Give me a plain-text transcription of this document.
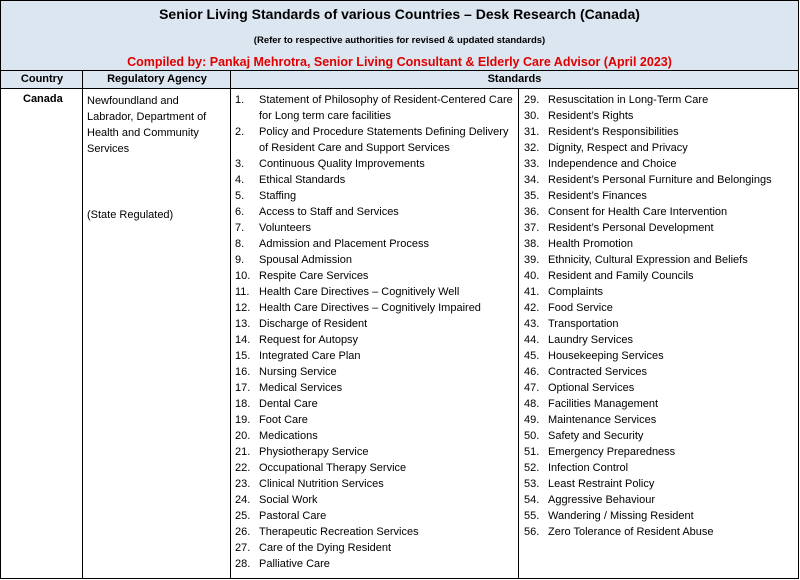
Senior Living Standards of various Countries – Desk Research (Canada)
(Refer to respective authorities for revised & updated standards)
Compiled by: Pankaj Mehrotra, Senior Living Consultant & Elderly Care Advisor (April 2023)
Country	Regulatory Agency	Standards
Canada Newfoundland and Labrador, Department of Health and Community Services
(State Regulated)
1. Statement of Philosophy of Resident-Centered Care for Long term care facilities
2. Policy and Procedure Statements Defining Delivery of Resident Care and Support Services
3. Continuous Quality Improvements
4. Ethical Standards
5. Staffing
6. Access to Staff and Services
7. Volunteers
8. Admission and Placement Process
9. Spousal Admission
10. Respite Care Services
11. Health Care Directives – Cognitively Well
12. Health Care Directives – Cognitively Impaired
13. Discharge of Resident
14. Request for Autopsy
15. Integrated Care Plan
16. Nursing Service
17. Medical Services
18. Dental Care
19. Foot Care
20. Medications
21. Physiotherapy Service
22. Occupational Therapy Service
23. Clinical Nutrition Services
24. Social Work
25. Pastoral Care
26. Therapeutic Recreation Services
27. Care of the Dying Resident
28. Palliative Care
29. Resuscitation in Long-Term Care
30. Resident’s Rights
31. Resident’s Responsibilities
32. Dignity, Respect and Privacy
33. Independence and Choice
34. Resident’s Personal Furniture and Belongings
35. Resident’s Finances
36. Consent for Health Care Intervention
37. Resident’s Personal Development
38. Health Promotion
39. Ethnicity, Cultural Expression and Beliefs
40. Resident and Family Councils
41. Complaints
42. Food Service
43. Transportation
44. Laundry Services
45. Housekeeping Services
46. Contracted Services
47. Optional Services
48. Facilities Management
49. Maintenance Services
50. Safety and Security
51. Emergency Preparedness
52. Infection Control
53. Least Restraint Policy
54. Aggressive Behaviour
55. Wandering / Missing Resident
56. Zero Tolerance of Resident Abuse
